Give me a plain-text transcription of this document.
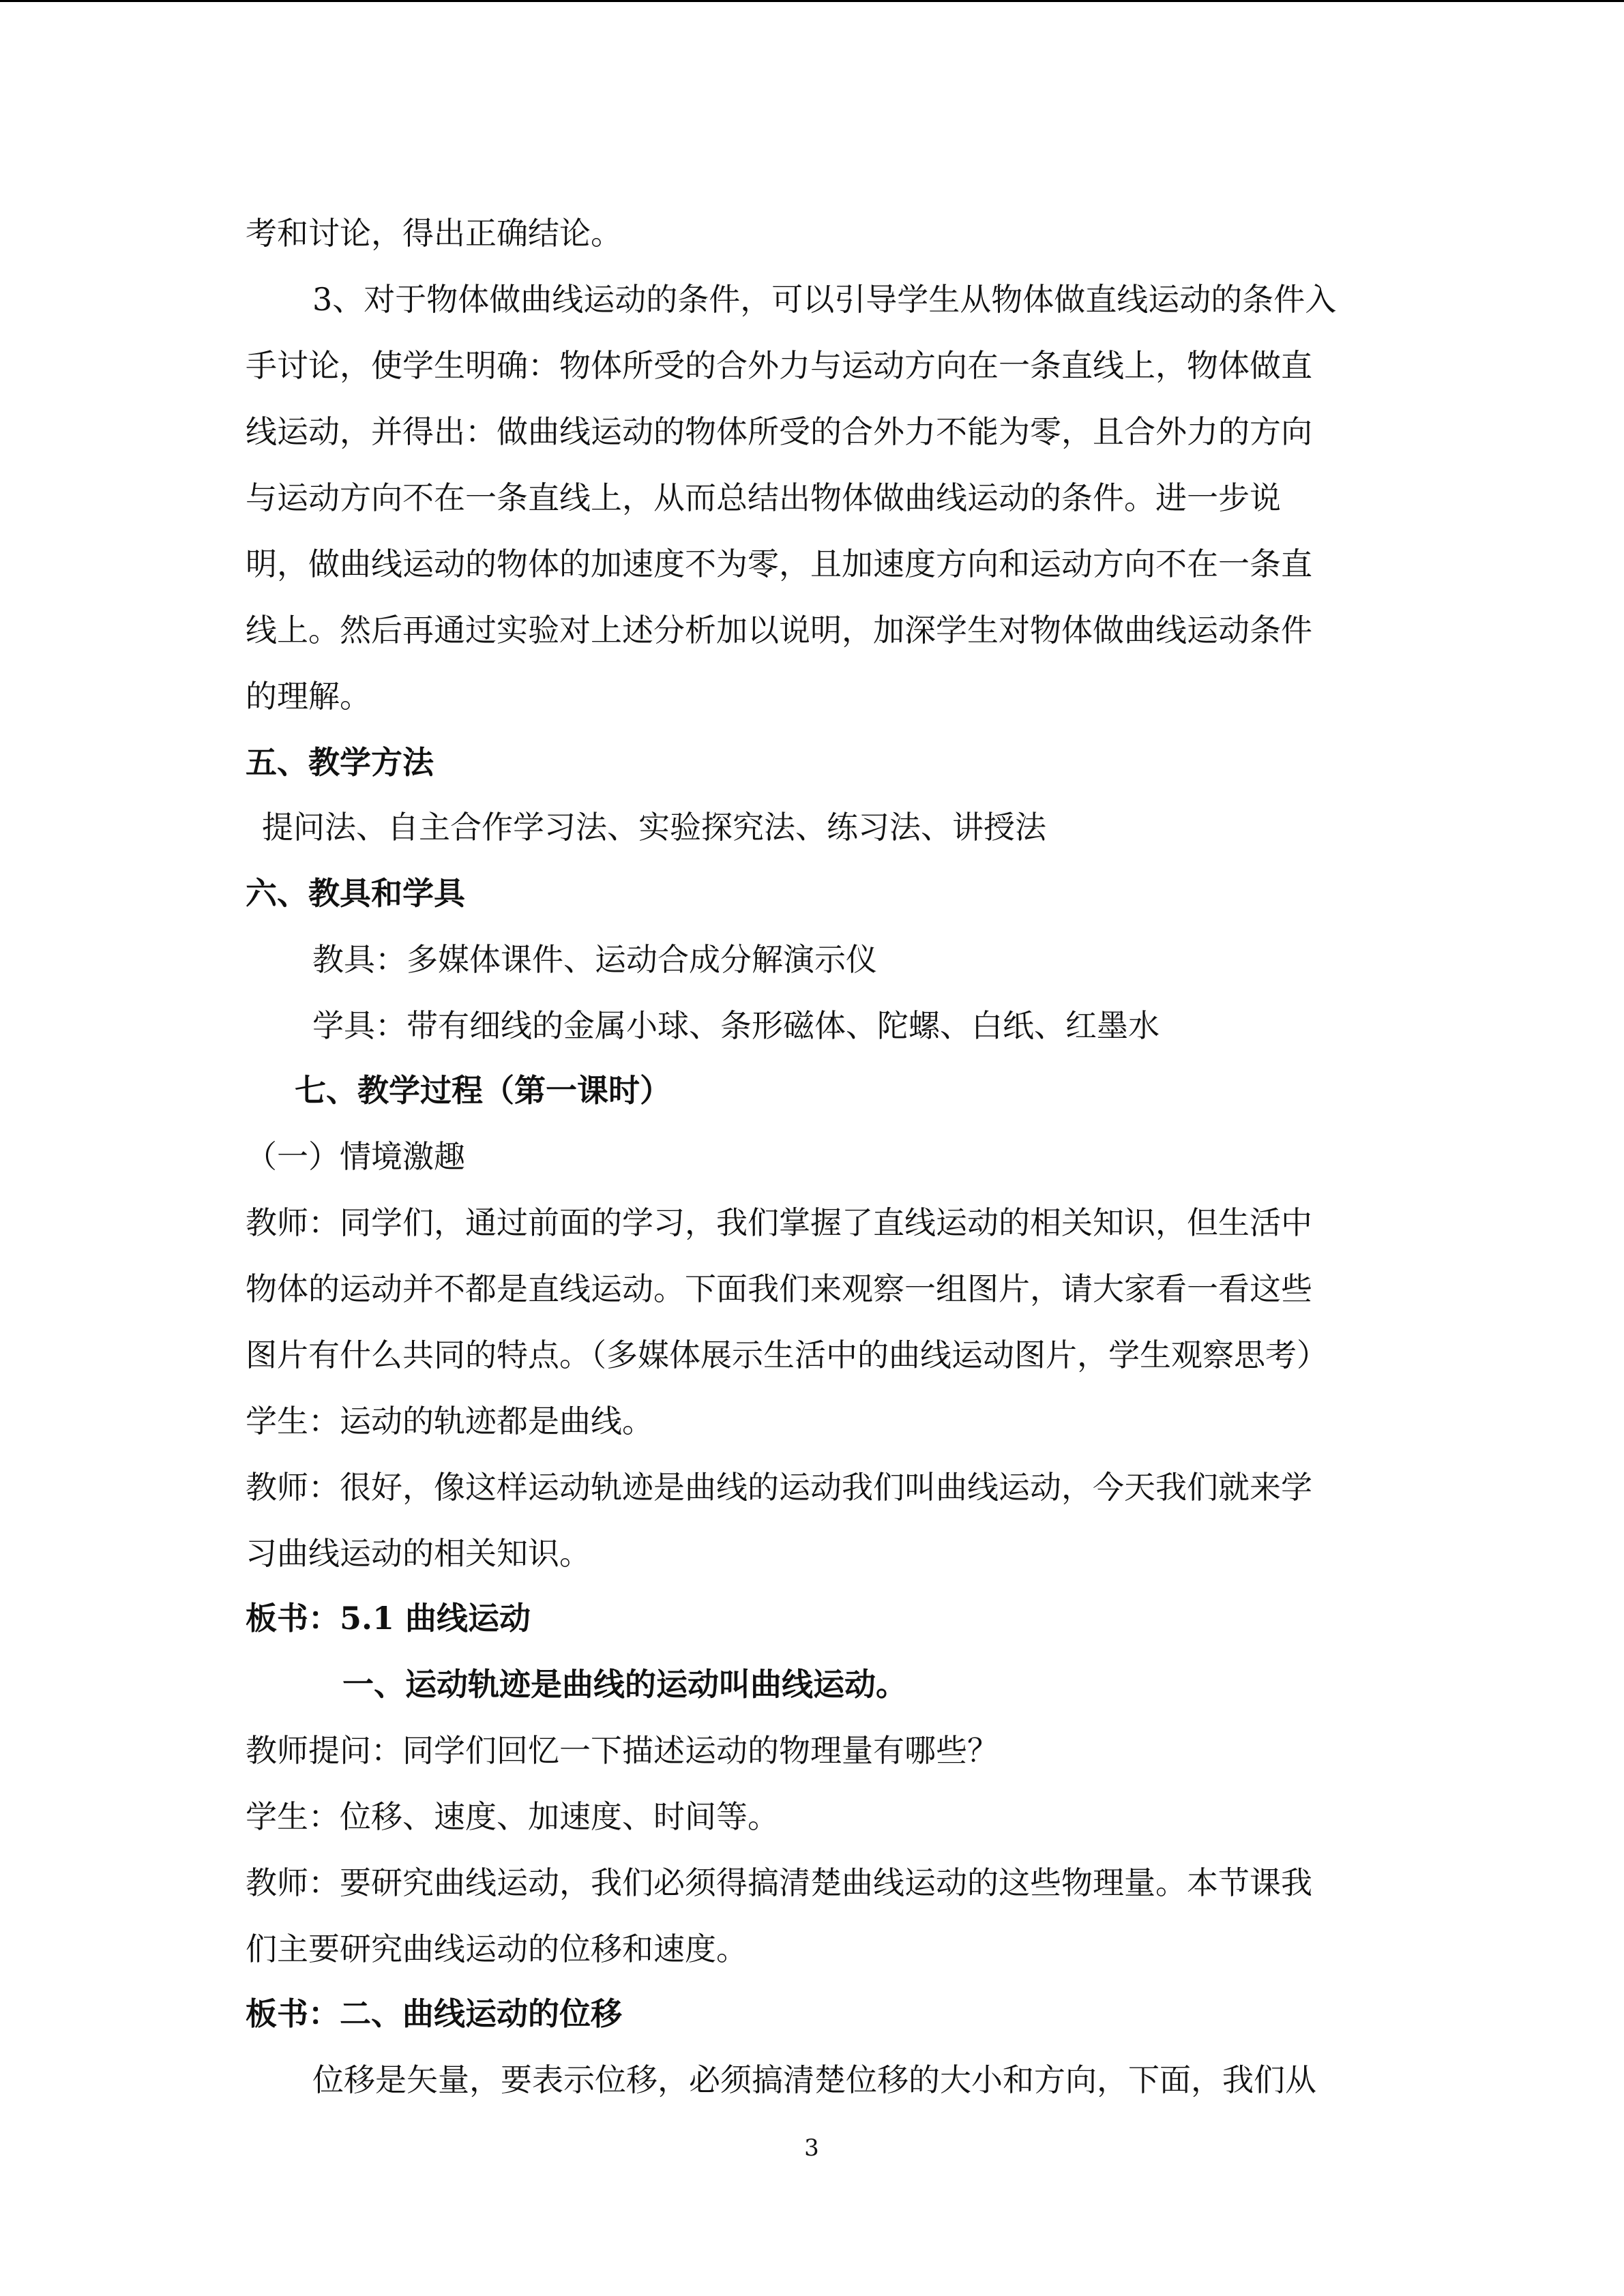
考和讨论，得出正确结论。

3、对于物体做曲线运动的条件，可以引导学生从物体做直线运动的条件入

手讨论，使学生明确：物体所受的合外力与运动方向在一条直线上，物体做直

线运动，并得出：做曲线运动的物体所受的合外力不能为零，且合外力的方向

与运动方向不在一条直线上，从而总结出物体做曲线运动的条件。进一步说

明，做曲线运动的物体的加速度不为零，且加速度方向和运动方向不在一条直

线上。然后再通过实验对上述分析加以说明，加深学生对物体做曲线运动条件

的理解。

五、教学方法

提问法、自主合作学习法、实验探究法、练习法、讲授法

六、教具和学具

教具：多媒体课件、运动合成分解演示仪

学具：带有细线的金属小球、条形磁体、陀螺、白纸、红墨水

七、教学过程（第一课时）

（一）情境激趣

教师：同学们，通过前面的学习，我们掌握了直线运动的相关知识，但生活中

物体的运动并不都是直线运动。下面我们来观察一组图片，请大家看一看这些

图片有什么共同的特点。（多媒体展示生活中的曲线运动图片，学生观察思考）

学生：运动的轨迹都是曲线。

教师：很好，像这样运动轨迹是曲线的运动我们叫曲线运动，今天我们就来学

习曲线运动的相关知识。

板书：5.1 曲线运动

一、运动轨迹是曲线的运动叫曲线运动。

教师提问：同学们回忆一下描述运动的物理量有哪些？

学生：位移、速度、加速度、时间等。

教师：要研究曲线运动，我们必须得搞清楚曲线运动的这些物理量。本节课我

们主要研究曲线运动的位移和速度。

板书：二、曲线运动的位移

位移是矢量，要表示位移，必须搞清楚位移的大小和方向，下面，我们从

3
